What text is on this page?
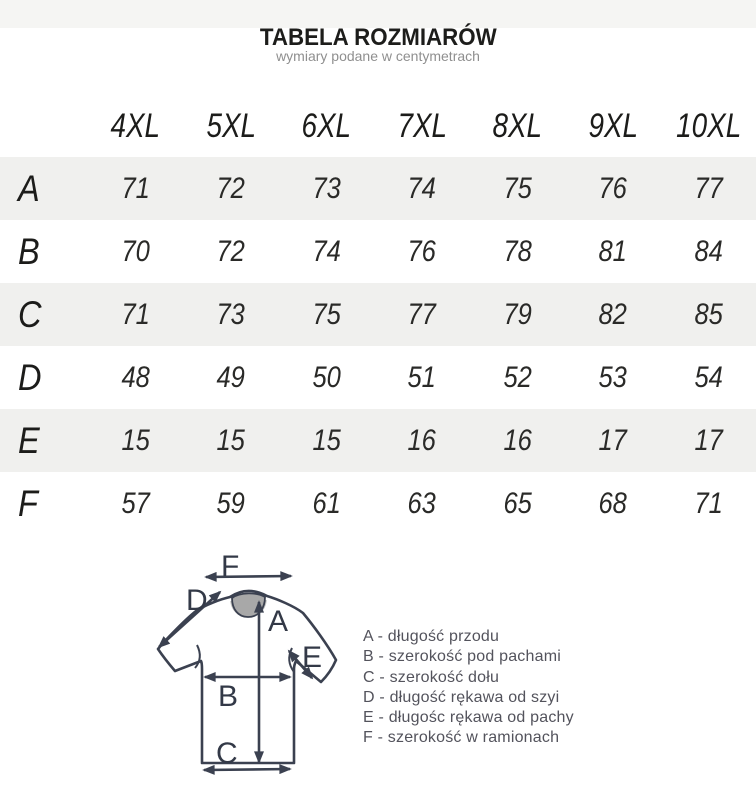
TABELA ROZMIARÓW
wymiary podane w centymetrach
4XL	5XL	6XL	7XL	8XL	9XL	10XL
A	71	72	73	74	75	76	77
B	70	72	74	76	78	81	84
C	71	73	75	77	79	82	85
D	48	49	50	51	52	53	54
E	15	15	15	16	16	17	17
F	57	59	61	63	65	68	71
F
D
A
E
B
C
A - długość przodu
B - szerokość pod pachami
C - szerokość dołu
D - długość rękawa od szyi
E - długośc rękawa od pachy
F - szerokość w ramionach
